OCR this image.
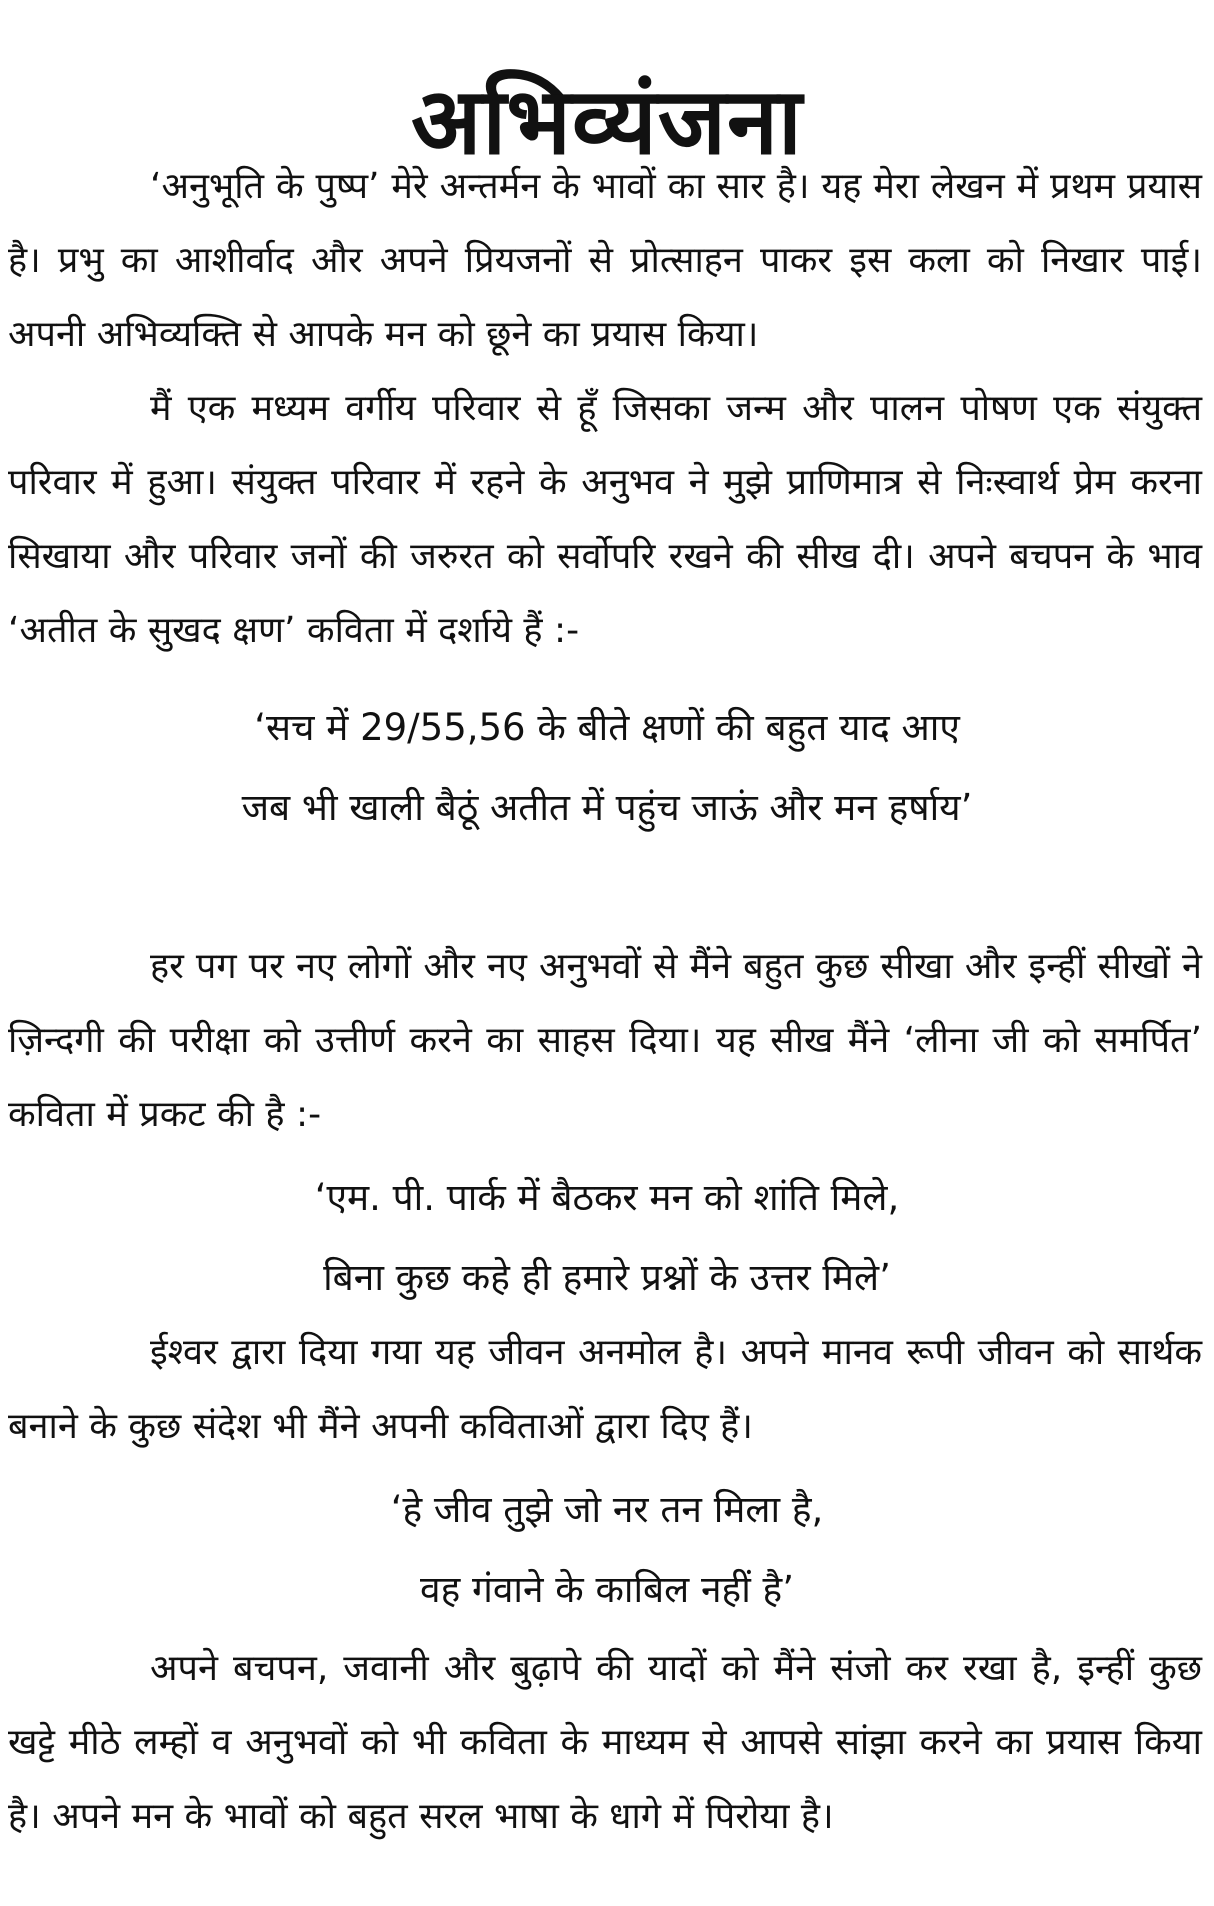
अभिव्यंजना

‘अनुभूति के पुष्प’ मेरे अन्तर्मन के भावों का सार है। यह मेरा लेखन में प्रथम प्रयास है। प्रभु का आशीर्वाद और अपने प्रियजनों से प्रोत्साहन पाकर इस कला को निखार पाई। अपनी अभिव्यक्ति से आपके मन को छूने का प्रयास किया।

मैं एक मध्यम वर्गीय परिवार से हूँ जिसका जन्म और पालन पोषण एक संयुक्त परिवार में हुआ। संयुक्त परिवार में रहने के अनुभव ने मुझे प्राणिमात्र से निःस्वार्थ प्रेम करना सिखाया और परिवार जनों की जरुरत को सर्वोपरि रखने की सीख दी। अपने बचपन के भाव ‘अतीत के सुखद क्षण’ कविता में दर्शाये हैं :-

‘सच में 29/55,56 के बीते क्षणों की बहुत याद आए
जब भी खाली बैठूं अतीत में पहुंच जाऊं और मन हर्षाय’

हर पग पर नए लोगों और नए अनुभवों से मैंने बहुत कुछ सीखा और इन्हीं सीखों ने ज़िन्दगी की परीक्षा को उत्तीर्ण करने का साहस दिया। यह सीख मैंने ‘लीना जी को समर्पित’ कविता में प्रकट की है :-

‘एम. पी. पार्क में बैठकर मन को शांति मिले,
बिना कुछ कहे ही हमारे प्रश्नों के उत्तर मिले’

ईश्वर द्वारा दिया गया यह जीवन अनमोल है। अपने मानव रूपी जीवन को सार्थक बनाने के कुछ संदेश भी मैंने अपनी कविताओं द्वारा दिए हैं।

‘हे जीव तुझे जो नर तन मिला है,
वह गंवाने के काबिल नहीं है’

अपने बचपन, जवानी और बुढ़ापे की यादों को मैंने संजो कर रखा है, इन्हीं कुछ खट्टे मीठे लम्हों व अनुभवों को भी कविता के माध्यम से आपसे सांझा करने का प्रयास किया है। अपने मन के भावों को बहुत सरल भाषा के धागे में पिरोया है।
